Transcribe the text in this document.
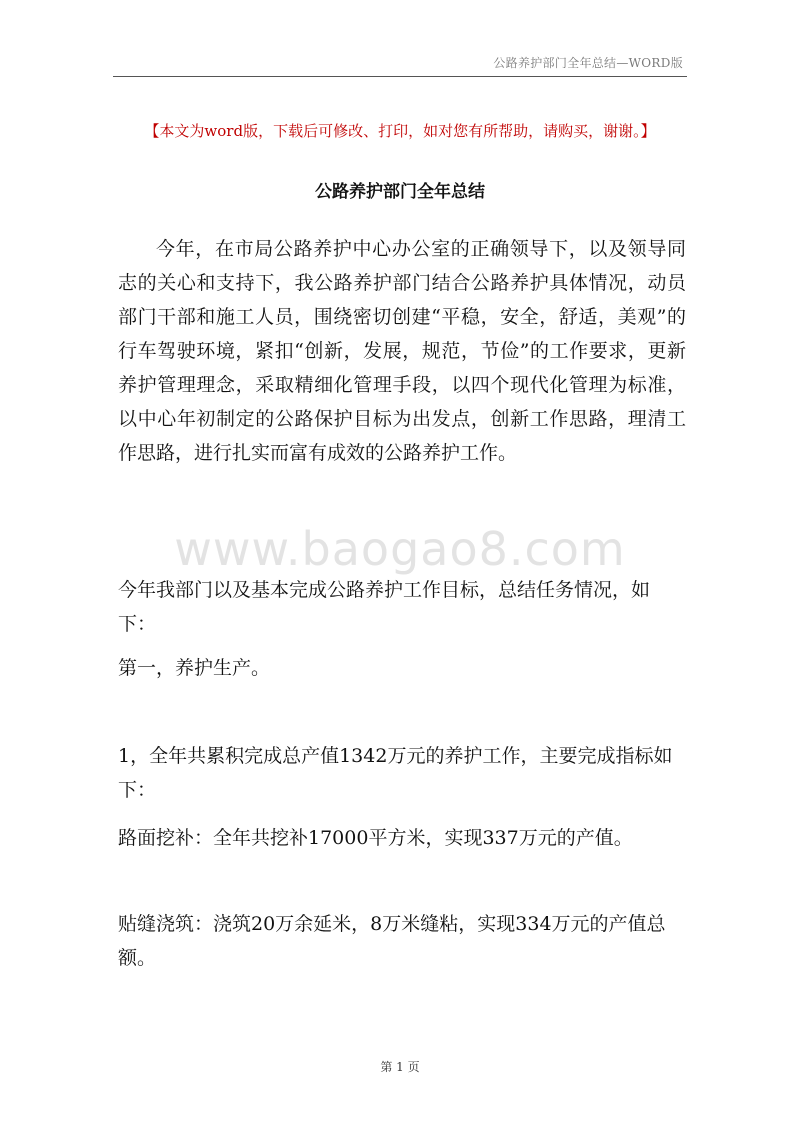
公路养护部门全年总结—WORD版
【本文为word版，下载后可修改、打印，如对您有所帮助，请购买，谢谢。】
公路养护部门全年总结

今年，在市局公路养护中心办公室的正确领导下，以及领导同志的关心和支持下，我公路养护部门结合公路养护具体情况，动员部门干部和施工人员，围绕密切创建“平稳，安全，舒适，美观”的行车驾驶环境，紧扣“创新，发展，规范，节俭”的工作要求，更新养护管理理念，采取精细化管理手段，以四个现代化管理为标准，以中心年初制定的公路保护目标为出发点，创新工作思路，理清工作思路，进行扎实而富有成效的公路养护工作。

www.baogao8.com

今年我部门以及基本完成公路养护工作目标，总结任务情况，如下：

第一，养护生产。

1，全年共累积完成总产值1342万元的养护工作，主要完成指标如下：

路面挖补：全年共挖补17000平方米，实现337万元的产值。

贴缝浇筑：浇筑20万余延米，8万米缝粘，实现334万元的产值总额。

第 1 页
